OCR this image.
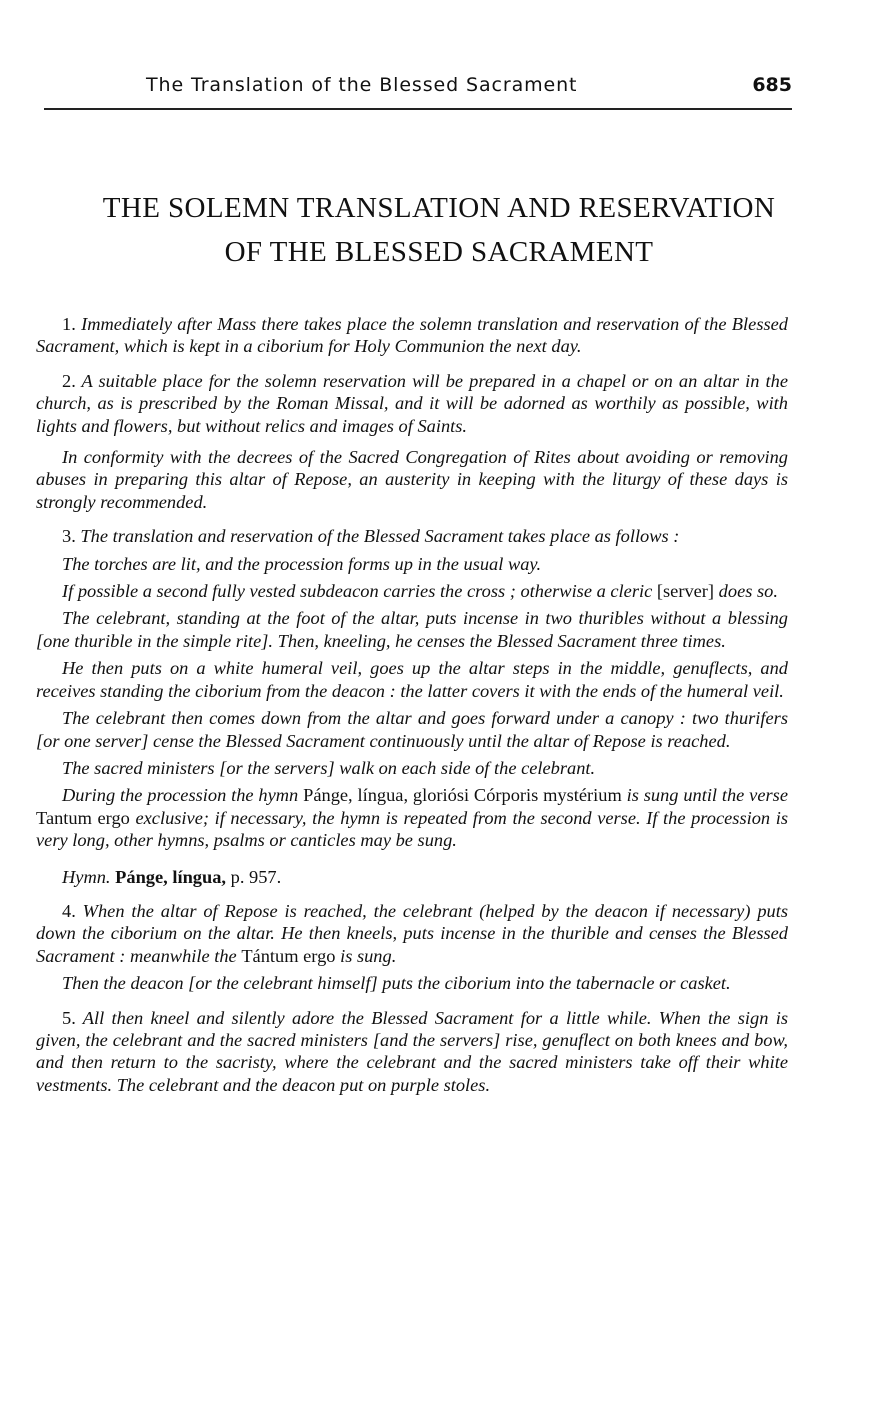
The Translation of the Blessed Sacrament	685
THE SOLEMN TRANSLATION AND RESERVATION
OF THE BLESSED SACRAMENT

1. Immediately after Mass there takes place the solemn translation and reservation of the Blessed Sacrament, which is kept in a ciborium for Holy Communion the next day.

2. A suitable place for the solemn reservation will be prepared in a chapel or on an altar in the church, as is prescribed by the Roman Missal, and it will be adorned as worthily as possible, with lights and flowers, but without relics and images of Saints.

In conformity with the decrees of the Sacred Congregation of Rites about avoiding or removing abuses in preparing this altar of Repose, an austerity in keeping with the liturgy of these days is strongly recommended.

3. The translation and reservation of the Blessed Sacrament takes place as follows :

The torches are lit, and the procession forms up in the usual way.

If possible a second fully vested subdeacon carries the cross ; otherwise a cleric [server] does so.

The celebrant, standing at the foot of the altar, puts incense in two thuribles without a blessing [one thurible in the simple rite]. Then, kneeling, he censes the Blessed Sacrament three times.

He then puts on a white humeral veil, goes up the altar steps in the middle, genuflects, and receives standing the ciborium from the deacon : the latter covers it with the ends of the humeral veil.

The celebrant then comes down from the altar and goes forward under a canopy : two thurifers [or one server] cense the Blessed Sacrament continuously until the altar of Repose is reached.

The sacred ministers [or the servers] walk on each side of the celebrant.

During the procession the hymn Pánge, língua, gloriósi Córporis mystérium is sung until the verse Tantum ergo exclusive; if necessary, the hymn is repeated from the second verse. If the procession is very long, other hymns, psalms or canticles may be sung.

Hymn. Pánge, língua, p. 957.

4. When the altar of Repose is reached, the celebrant (helped by the deacon if necessary) puts down the ciborium on the altar. He then kneels, puts incense in the thurible and censes the Blessed Sacrament : meanwhile the Tántum ergo is sung.

Then the deacon [or the celebrant himself] puts the ciborium into the tabernacle or casket.

5. All then kneel and silently adore the Blessed Sacrament for a little while. When the sign is given, the celebrant and the sacred ministers [and the servers] rise, genuflect on both knees and bow, and then return to the sacristy, where the celebrant and the sacred ministers take off their white vestments. The celebrant and the deacon put on purple stoles.
